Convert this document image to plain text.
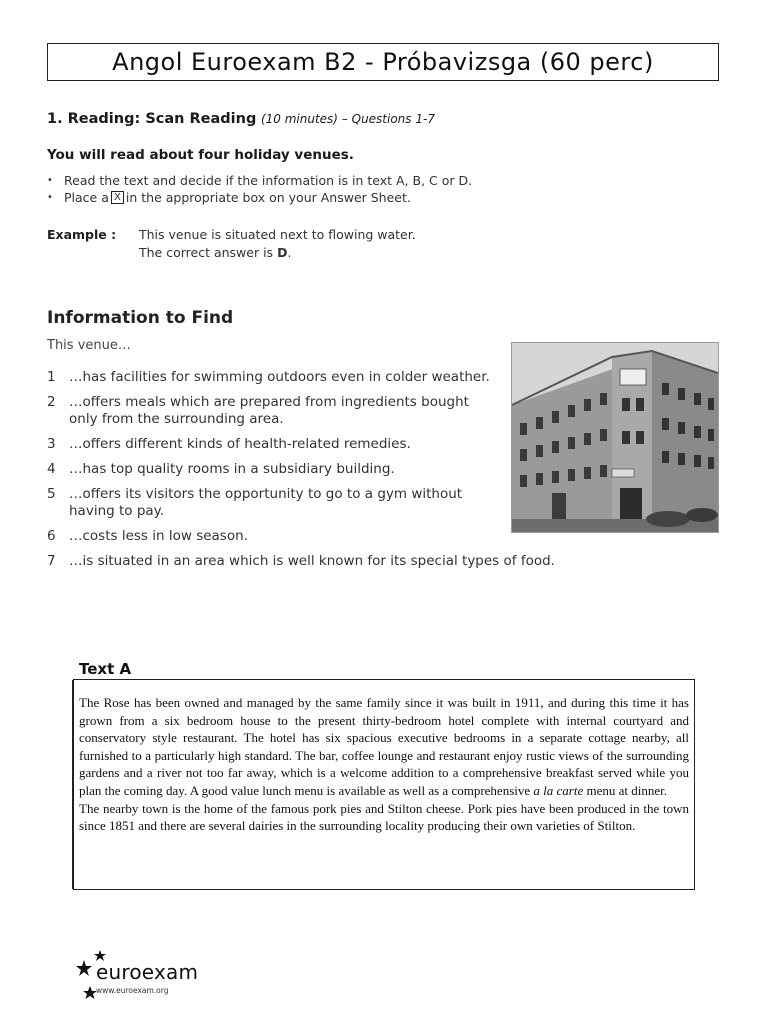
Angol Euroexam B2 - Próbavizsga (60 perc)
1. Reading: Scan Reading (10 minutes) – Questions 1-7
You will read about four holiday venues.
• Read the text and decide if the information is in text A, B, C or D.
• Place a X in the appropriate box on your Answer Sheet.
Example : This venue is situated next to flowing water.
The correct answer is D.
Information to Find
This venue…
1 …has facilities for swimming outdoors even in colder weather.
2 …offers meals which are prepared from ingredients bought only from the surrounding area.
3 …offers different kinds of health-related remedies.
4 …has top quality rooms in a subsidiary building.
5 …offers its visitors the opportunity to go to a gym without having to pay.
6 …costs less in low season.
7 …is situated in an area which is well known for its special types of food.
Text A

The Rose has been owned and managed by the same family since it was built in 1911, and during this time it has grown from a six bedroom house to the present thirty-bedroom hotel complete with internal courtyard and conservatory style restaurant. The hotel has six spacious executive bedrooms in a separate cottage nearby, all furnished to a particularly high standard. The bar, coffee lounge and restaurant enjoy rustic views of the surrounding gardens and a river not too far away, which is a welcome addition to a comprehensive breakfast served while you plan the coming day. A good value lunch menu is available as well as a comprehensive a la carte menu at dinner.

The nearby town is the home of the famous pork pies and Stilton cheese. Pork pies have been produced in the town since 1851 and there are several dairies in the surrounding locality producing their own varieties of Stilton.

euroexam
www.euroexam.org
